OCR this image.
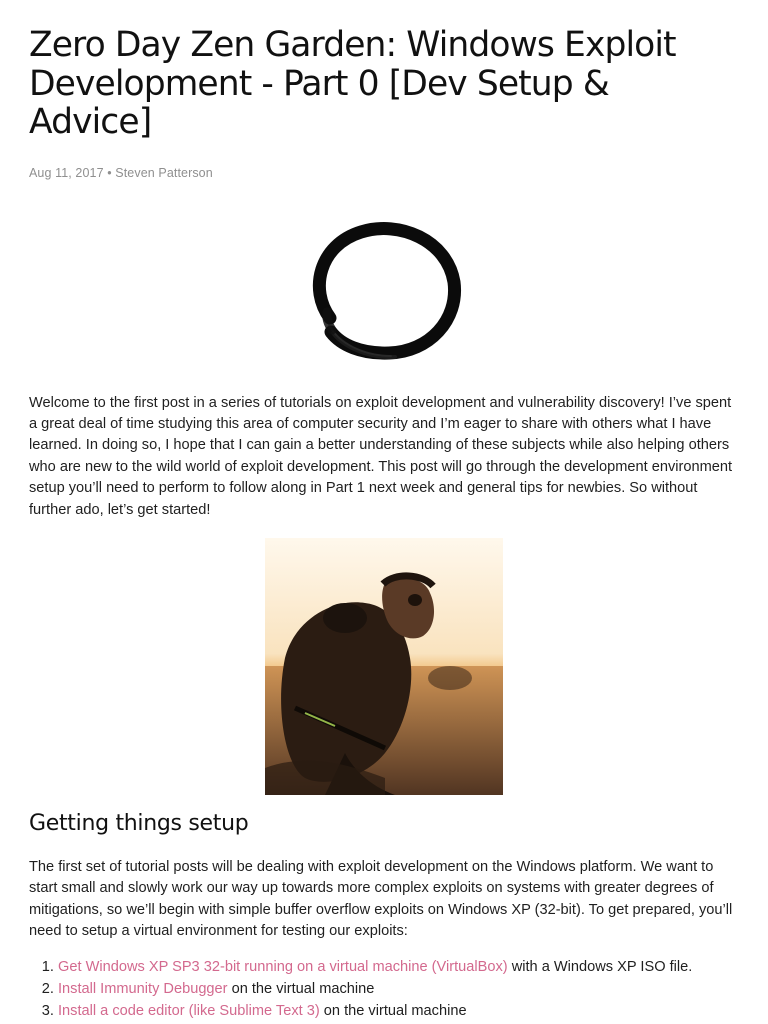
Zero Day Zen Garden: Windows Exploit Development - Part 0 [Dev Setup & Advice]
Aug 11, 2017 • Steven Patterson

Welcome to the first post in a series of tutorials on exploit development and vulnerability discovery! I’ve spent a great deal of time studying this area of computer security and I’m eager to share with others what I have learned. In doing so, I hope that I can gain a better understanding of these subjects while also helping others who are new to the wild world of exploit development. This post will go through the development environment setup you’ll need to perform to follow along in Part 1 next week and general tips for newbies. So without further ado, let’s get started!

Getting things setup

The first set of tutorial posts will be dealing with exploit development on the Windows platform. We want to start small and slowly work our way up towards more complex exploits on systems with greater degrees of mitigations, so we’ll begin with simple buffer overflow exploits on Windows XP (32-bit). To get prepared, you’ll need to setup a virtual environment for testing our exploits:

1. Get Windows XP SP3 32-bit running on a virtual machine (VirtualBox) with a Windows XP ISO file.
2. Install Immunity Debugger on the virtual machine
3. Install a code editor (like Sublime Text 3) on the virtual machine
